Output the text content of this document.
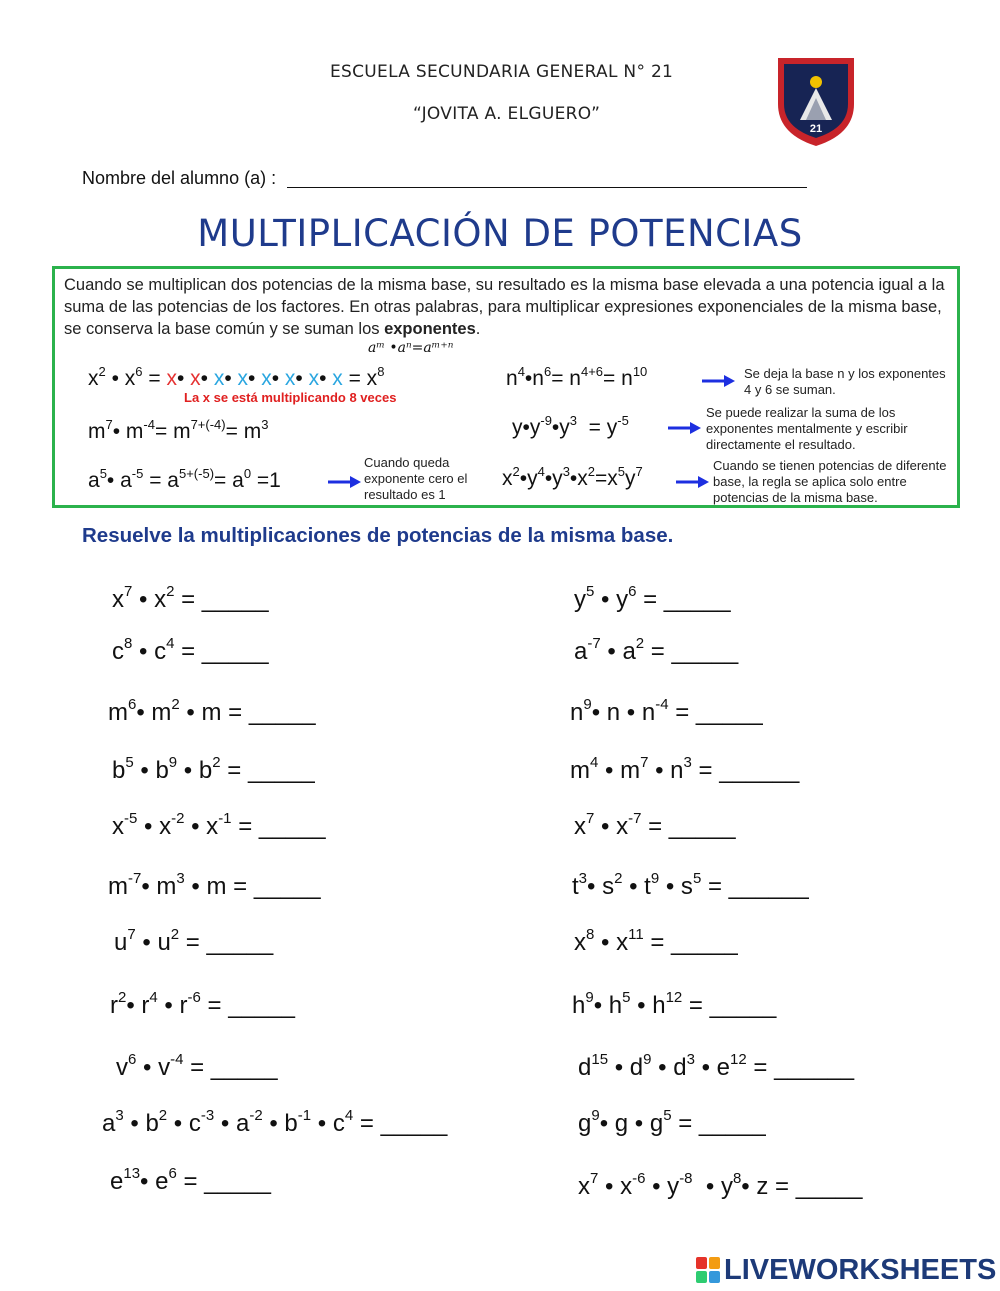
ESCUELA SECUNDARIA GENERAL N° 21
“JOVITA A. ELGUERO”
21
Nombre del alumno (a) :
MULTIPLICACIÓN DE POTENCIAS
Cuando se multiplican dos potencias de la misma base, su resultado es la misma base elevada a una potencia igual a la suma de las potencias de los factores. En otras palabras, para multiplicar expresiones exponenciales de la misma base, se conserva la base común y se suman los exponentes.
aᵐ •aⁿ=aᵐ⁺ⁿ
$x^2$ • $x^6$ = x• x• x• x• x• x• x• $x = x^8$
La x se está multiplicando 8 veces
$m^7•$ $m^{-4}= m^{7+(-4)}= m^3$
$a^5•$ $a^{-5} = a^{5+(-5)}= a^0 =1$
Cuando queda exponente cero el resultado es 1
$n^4•n^6= n^{4+6}= n^{10}$	Se deja la base n y los exponentes 4 y 6 se suman.
$y•y^{-9}•y^3 = y^{-5}$
Se puede realizar la suma de los exponentes mentalmente y escribir directamente el resultado.
$x^2•y^4•y^3•x^2=x^5y^7$	Cuando se tienen potencias de diferente base, la regla se aplica solo entre potencias de la misma base.
Resuelve la multiplicaciones de potencias de la misma base.
$x^7$ • $x^2$ = _____
$c^8$ • $c^4$ = _____
$m^6•$ $m^2$ • m = _____
$b^5$ • $b^9$ • $b^2$ = _____
$x^{-5}$ • $x^{-2}$ • $x^{-1}$ = _____
$m^{-7}•$ $m^3$ • m = _____
$u^7$ • $u^2$ = _____
$r^2•$ $r^4$ • $r^{-6}$ = _____
$v^6$ • $v^{-4}$ = _____
$a^3$ • $b^2$ • $c^{-3}$ • $a^{-2}$ • $b^{-1}$ • $c^4$ = _____
$e^{13}•$ $e^6$ = _____
$y^5$ • $y^6$ = _____
$a^{-7}$ • $a^2$ = _____
$n^9•$ n • $n^{-4}$ = _____
$m^4$ • $m^7$ • $n^3$ = ______
$x^7$ • $x^{-7}$ = _____
$t^3•$ $s^2$ • $t^9$ • $s^5$ = ______
$x^8$ • $x^{11}$ = _____
$h^9•$ $h^5$ • $h^{12}$ = _____
$d^{15}$ • $d^9$ • $d^3$ • $e^{12}$ = ______
$g^9•$ g • $g^5$ = _____
$x^7$ • $x^{-6}$ • $y^{-8}$  • $y^8•$ z = _____
LIVEWORKSHEETS
